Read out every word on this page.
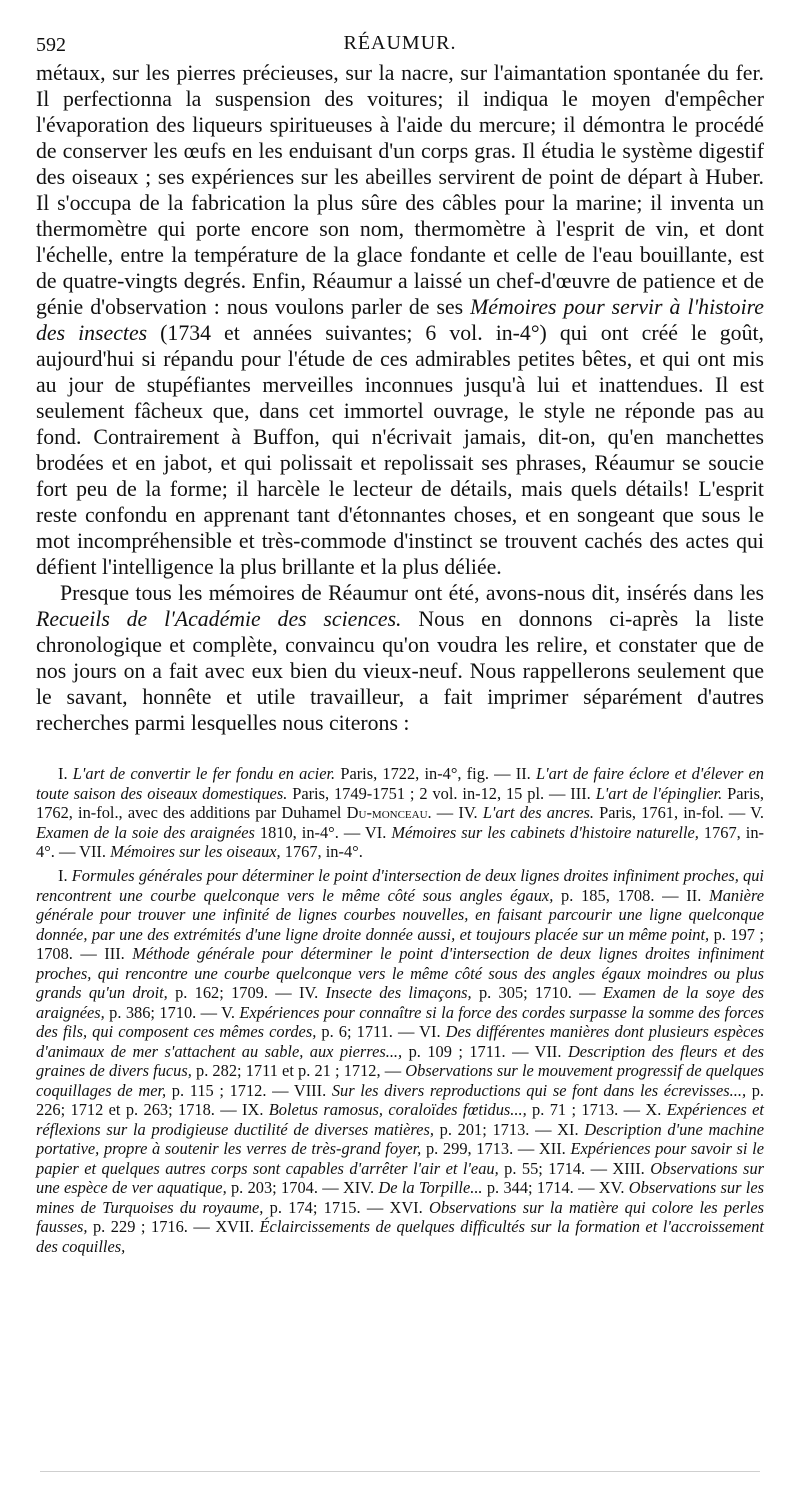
592	RÉAUMUR.

métaux, sur les pierres précieuses, sur la nacre, sur l'aimantation spontanée du fer. Il perfectionna la suspension des voitures; il indiqua le moyen d'empêcher l'évaporation des liqueurs spiritueuses à l'aide du mercure; il démontra le procédé de conserver les œufs en les enduisant d'un corps gras. Il étudia le système digestif des oiseaux ; ses expériences sur les abeilles servirent de point de départ à Huber. Il s'occupa de la fabrication la plus sûre des câbles pour la marine; il inventa un thermomètre qui porte encore son nom, thermomètre à l'esprit de vin, et dont l'échelle, entre la température de la glace fondante et celle de l'eau bouillante, est de quatre-vingts degrés. Enfin, Réaumur a laissé un chef-d'œuvre de patience et de génie d'observation : nous voulons parler de ses Mémoires pour servir à l'histoire des insectes (1734 et années suivantes; 6 vol. in-4°) qui ont créé le goût, aujourd'hui si répandu pour l'étude de ces admirables petites bêtes, et qui ont mis au jour de stupéfiantes merveilles inconnues jusqu'à lui et inattendues. Il est seulement fâcheux que, dans cet immortel ouvrage, le style ne réponde pas au fond. Contrairement à Buffon, qui n'écrivait jamais, dit-on, qu'en manchettes brodées et en jabot, et qui polissait et repolissait ses phrases, Réaumur se soucie fort peu de la forme; il harcèle le lecteur de détails, mais quels détails! L'esprit reste confondu en apprenant tant d'étonnantes choses, et en songeant que sous le mot incompréhensible et très-commode d'instinct se trouvent cachés des actes qui défient l'intelligence la plus brillante et la plus déliée.

Presque tous les mémoires de Réaumur ont été, avons-nous dit, insérés dans les Recueils de l'Académie des sciences. Nous en donnons ci-après la liste chronologique et complète, convaincu qu'on voudra les relire, et constater que de nos jours on a fait avec eux bien du vieux-neuf. Nous rappellerons seulement que le savant, honnête et utile travailleur, a fait imprimer séparément d'autres recherches parmi lesquelles nous citerons :

I. L'art de convertir le fer fondu en acier. Paris, 1722, in-4°, fig. — II. L'art de faire éclore et d'élever en toute saison des oiseaux domestiques. Paris, 1749-1751 ; 2 vol. in-12, 15 pl. — III. L'art de l'épinglier. Paris, 1762, in-fol., avec des additions par Duhamel Du-monceau. — IV. L'art des ancres. Paris, 1761, in-fol. — V. Examen de la soie des araignées 1810, in-4°. — VI. Mémoires sur les cabinets d'histoire naturelle, 1767, in-4°. — VII. Mémoires sur les oiseaux, 1767, in-4°.

I. Formules générales pour déterminer le point d'intersection de deux lignes droites infiniment proches, qui rencontrent une courbe quelconque vers le même côté sous angles égaux, p. 185, 1708. — II. Manière générale pour trouver une infinité de lignes courbes nouvelles, en faisant parcourir une ligne quelconque donnée, par une des extrémités d'une ligne droite donnée aussi, et toujours placée sur un même point, p. 197 ; 1708. — III. Méthode générale pour déterminer le point d'intersection de deux lignes droites infiniment proches, qui rencontre une courbe quelconque vers le même côté sous des angles égaux moindres ou plus grands qu'un droit, p. 162; 1709. — IV. Insecte des limaçons, p. 305; 1710. — Examen de la soye des araignées, p. 386; 1710. — V. Expériences pour connaître si la force des cordes surpasse la somme des forces des fils, qui composent ces mêmes cordes, p. 6; 1711. — VI. Des différentes manières dont plusieurs espèces d'animaux de mer s'attachent au sable, aux pierres..., p. 109 ; 1711. — VII. Description des fleurs et des graines de divers fucus, p. 282; 1711 et p. 21 ; 1712, — Observations sur le mouvement progressif de quelques coquillages de mer, p. 115 ; 1712. — VIII. Sur les divers reproductions qui se font dans les écrevisses..., p. 226; 1712 et p. 263; 1718. — IX. Boletus ramosus, coraloïdes fœtidus..., p. 71 ; 1713. — X. Expériences et réflexions sur la prodigieuse ductilité de diverses matières, p. 201; 1713. — XI. Description d'une machine portative, propre à soutenir les verres de très-grand foyer, p. 299, 1713. — XII. Expériences pour savoir si le papier et quelques autres corps sont capables d'arrêter l'air et l'eau, p. 55; 1714. — XIII. Observations sur une espèce de ver aquatique, p. 203; 1704. — XIV. De la Torpille... p. 344; 1714. — XV. Observations sur les mines de Turquoises du royaume, p. 174; 1715. — XVI. Observations sur la matière qui colore les perles fausses, p. 229 ; 1716. — XVII. Éclaircissements de quelques difficultés sur la formation et l'accroissement des coquilles,
